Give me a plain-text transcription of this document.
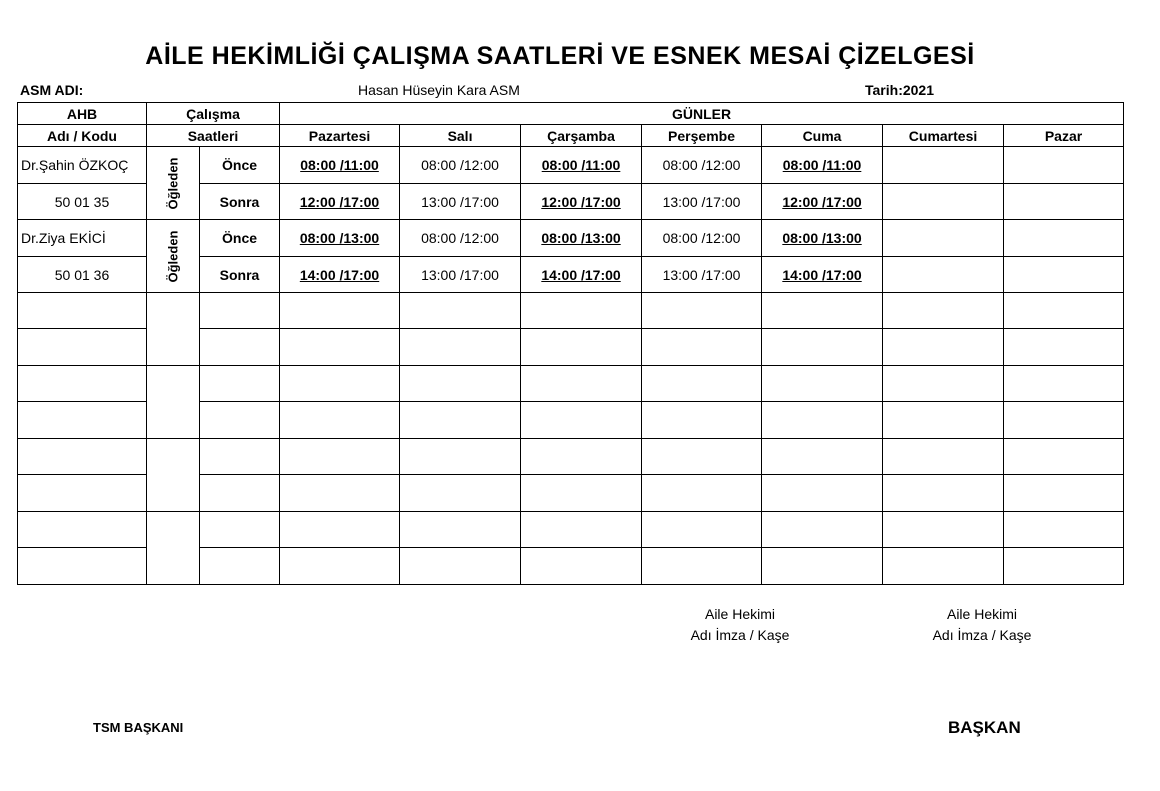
AİLE HEKİMLİĞİ ÇALIŞMA SAATLERİ VE ESNEK MESAİ ÇİZELGESİ
ASM ADI:	Hasan Hüseyin Kara ASM	Tarih:2021
AHB	Çalışma		GÜNLER						
Adı / Kodu	Saatleri		Pazartesi	Salı	Çarşamba	Perşembe	Cuma	Cumartesi	Pazar
Dr.Şahin ÖZKOÇ	Öğleden	Önce	08:00 /11:00	08:00 /12:00	08:00 /11:00	08:00 /12:00	08:00 /11:00		
50 01 35		Sonra	12:00 /17:00	13:00 /17:00	12:00 /17:00	13:00 /17:00	12:00 /17:00		
Dr.Ziya EKİCİ	Öğleden	Önce	08:00 /13:00	08:00 /12:00	08:00 /13:00	08:00 /12:00	08:00 /13:00		
50 01 36		Sonra	14:00 /17:00	13:00 /17:00	14:00 /17:00	13:00 /17:00	14:00 /17:00		

Aile Hekimi
Adı İmza / Kaşe
Aile Hekimi
Adı İmza / Kaşe
TSM BAŞKANI	BAŞKAN
